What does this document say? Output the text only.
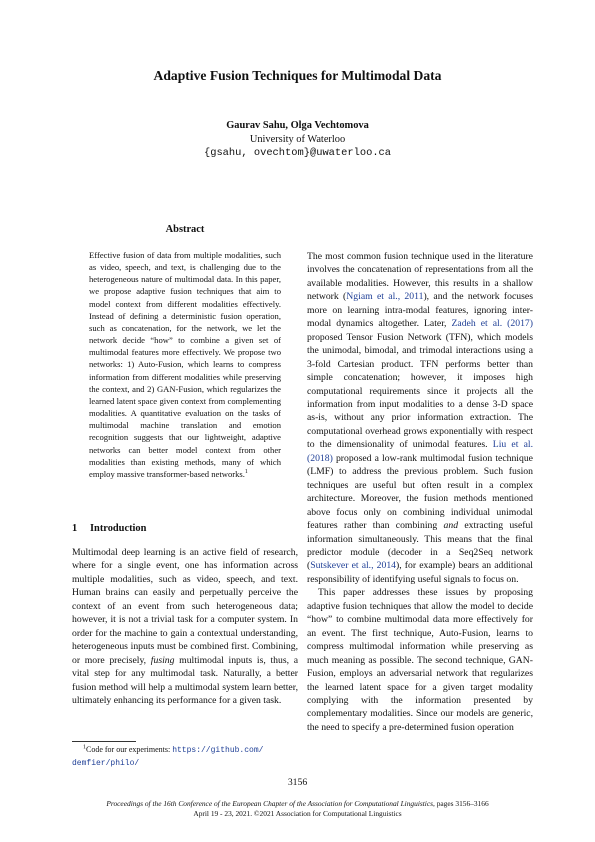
Adaptive Fusion Techniques for Multimodal Data
Gaurav Sahu, Olga Vechtomova
University of Waterloo
{gsahu, ovechtom}@uwaterloo.ca
Abstract
Effective fusion of data from multiple modalities, such as video, speech, and text, is challenging due to the heterogeneous nature of multimodal data. In this paper, we propose adaptive fusion techniques that aim to model context from different modalities effectively. Instead of defining a deterministic fusion operation, such as concatenation, for the network, we let the network decide “how” to combine a given set of multimodal features more effectively. We propose two networks: 1) Auto-Fusion, which learns to compress information from different modalities while preserving the context, and 2) GAN-Fusion, which regularizes the learned latent space given context from complementing modalities. A quantitative evaluation on the tasks of multimodal machine translation and emotion recognition suggests that our lightweight, adaptive networks can better model context from other modalities than existing methods, many of which employ massive transformer-based networks.$^1$
1 Introduction

Multimodal deep learning is an active field of research, where for a single event, one has information across multiple modalities, such as video, speech, and text. Human brains can easily and perpetually perceive the context of an event from such heterogeneous data; however, it is not a trivial task for a computer system. In order for the machine to gain a contextual understanding, heterogeneous inputs must be combined first. Combining, or more precisely, fusing multimodal inputs is, thus, a vital step for any multimodal task. Naturally, a better fusion method will help a multimodal system learn better, ultimately enhancing its performance for a given task.

$^1$Code for our experiments: https://github.com/
demfier/philo/

The most common fusion technique used in the literature involves the concatenation of representations from all the available modalities. However, this results in a shallow network (Ngiam et al., 2011), and the network focuses more on learning intra-modal features, ignoring inter-modal dynamics altogether. Later, Zadeh et al. (2017) proposed Tensor Fusion Network (TFN), which models the unimodal, bimodal, and trimodal interactions using a 3-fold Cartesian product. TFN performs better than simple concatenation; however, it imposes high computational requirements since it projects all the information from input modalities to a dense 3-D space as-is, without any prior information extraction. The computational overhead grows exponentially with respect to the dimensionality of unimodal features. Liu et al. (2018) proposed a low-rank multimodal fusion technique (LMF) to address the previous problem. Such fusion techniques are useful but often result in a complex architecture. Moreover, the fusion methods mentioned above focus only on combining individual unimodal features rather than combining and extracting useful information simultaneously. This means that the final predictor module (decoder in a Seq2Seq network (Sutskever et al., 2014), for example) bears an additional responsibility of identifying useful signals to focus on.

This paper addresses these issues by proposing adaptive fusion techniques that allow the model to decide “how” to combine multimodal data more effectively for an event. The first technique, Auto-Fusion, learns to compress multimodal information while preserving as much meaning as possible. The second technique, GAN-Fusion, employs an adversarial network that regularizes the learned latent space for a given target modality complying with the information presented by complementary modalities. Since our models are generic, the need to specify a pre-determined fusion operation

3156
Proceedings of the 16th Conference of the European Chapter of the Association for Computational Linguistics, pages 3156–3166
April 19 - 23, 2021. ©2021 Association for Computational Linguistics
